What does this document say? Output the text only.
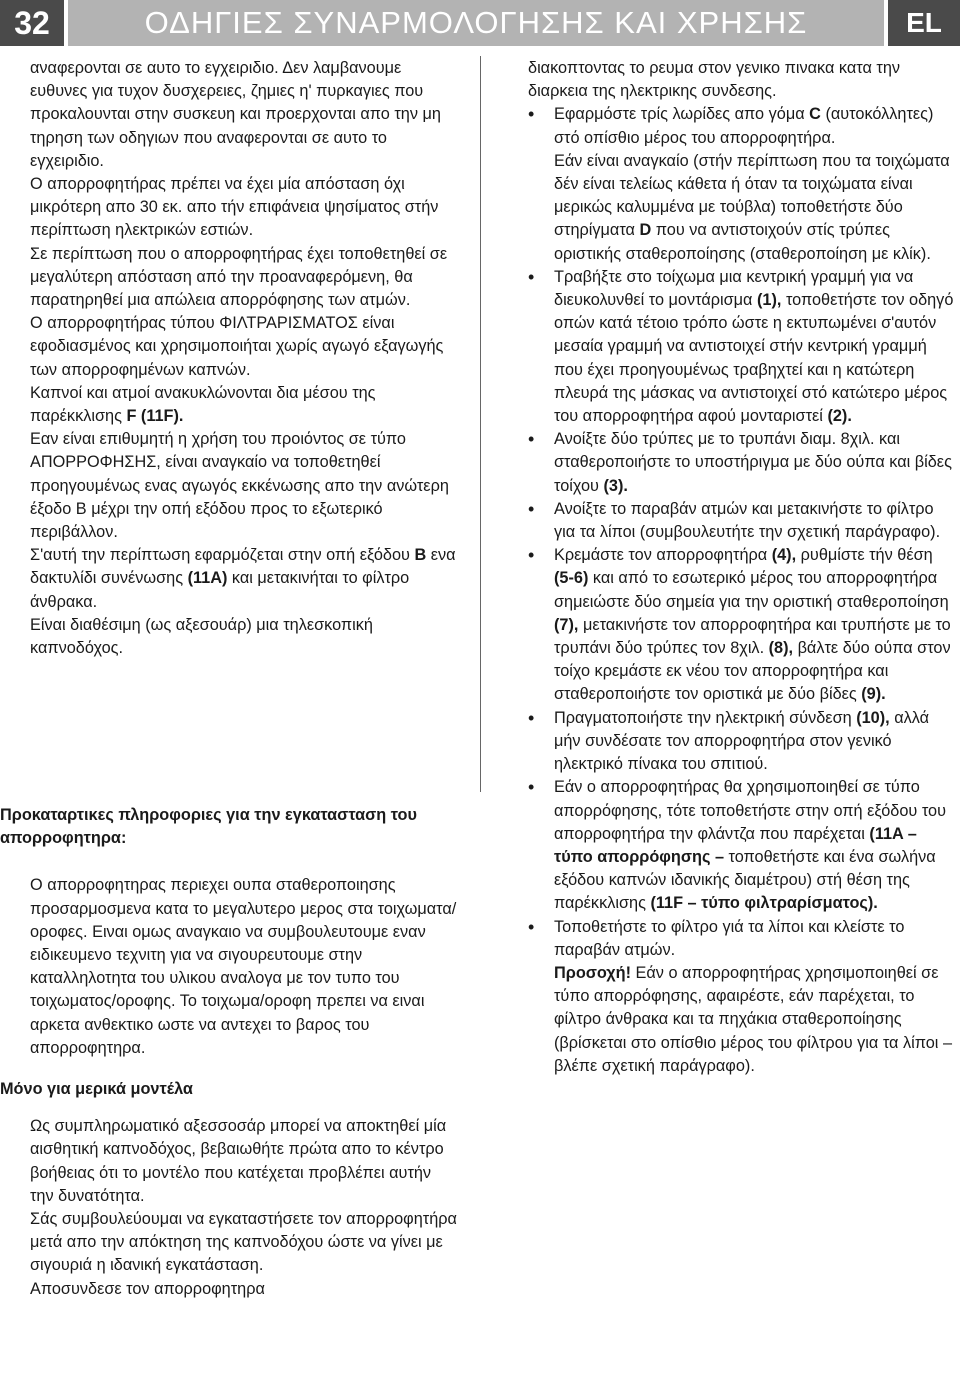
32	ΟΔΗΓΙΕΣ ΣΥΝΑΡΜΟΛΟΓΗΣΗΣ ΚΑΙ ΧΡΗΣΗΣ	EL

αναφερονται σε αυτο το εγχειριδιο. Δεν λαμβανουμε ευθυνες για τυχον δυσχερειες, ζημιες η' πυρκαγιες που προκαλουνται στην συσκευη και προερχονται απο την μη τηρηση των οδηγιων που αναφερονται σε αυτο το εγχειριδιο.

Ο απορροφητήρας πρέπει να έχει μία απόσταση όχι μικρότερη απο 30 εκ. απο τήν επιφάνεια ψησίματος στήν περίπτωση ηλεκτρικών εστιών.

Σε περίπτωση που ο απορροφητήρας έχει τοποθετηθεί σε μεγαλύτερη απόσταση από την προαναφερόμενη, θα παρατηρηθεί μια απώλεια απορρόφησης των ατμών.

Ο απορροφητήρας τύπου ΦΙΛΤΡΑΡΙΣΜΑΤΟΣ είναι εφοδιασμένος και χρησιμοποιήται χωρίς αγωγό εξαγωγής των απορροφημένων καπνών.

Καπνοί και ατμοί ανακυκλώνονται δια μέσου της παρέκκλισης F (11F).

Εαν είναι επιθυμητή η χρήση του προιόντος σε τύπο ΑΠΟΡΡΟΦΗΣΗΣ, είναι αναγκαίο να τοποθετηθεί προηγουμένως ενας αγωγός εκκένωσης απο την ανώτερη έξοδο Β μέχρι την οπή εξόδου προς το εξωτερικό περιβάλλον.

Σ'αυτή την περίπτωση εφαρμόζεται στην οπή εξόδου B ενα δακτυλίδι συνένωσης (11A) και μετακινήται το φίλτρο άνθρακα.

Είναι διαθέσιμη (ως αξεσουάρ) μια τηλεσκοπική καπνοδόχος.

Προκαταρτικες πληροφοριες για την εγκατασταση του απορροφητηρα:

Ο απορροφητηρας περιεχει ουπα σταθεροποιησης προσαρμοσμενα κατα το μεγαλυτερο μερος στα τοιχωματα/οροφες. Ειναι ομως αναγκαιο να συμβουλευτουμε εναν ειδικευμενο τεχνιτη για να σιγουρευτουμε στην καταλληλοτητα του υλικου αναλογα με τον τυπο του τοιχωματος/οροφης. Το τοιχωμα/οροφη πρεπει να ειναι αρκετα ανθεκτικο ωστε να αντεχει το βαρος του απορροφητηρα.

Μόνο για μερικά μοντέλα

Ως συμπληρωματικό αξεσσοσάρ μπορεί να αποκτηθεί μία αισθητική καπνοδόχος, βεβαιωθήτε πρώτα απο το κέντρο βοήθειας ότι το μοντέλο που κατέχεται προβλέπει αυτήν την δυνατότητα.

Σάς συμβουλεύουμαι να εγκαταστήσετε τον απορροφητήρα μετά απο την απόκτηση της καπνοδόχου ώστε να γίνει με σιγουριά η ιδανική εγκατάσταση.

Αποσυνδεσε τον απορροφητηρα

διακοπτοντας το ρευμα στον γενικο πινακα κατα την διαρκεια της ηλεκτρικης συνδεσης.

• Εφαρμόστε τρίς λωρίδες απο γόμα C (αυτοκόλλητες) στό οπίσθιο μέρος του απορροφητήρα.
Εάν είναι αναγκαίο (στήν περίπτωση που τα τοιχώματα δέν είναι τελείως κάθετα ή όταν τα τοιχώματα είναι μερικώς καλυμμένα με τούβλα) τοποθετήστε δύο στηρίγματα D που να αντιστοιχούν στίς τρύπες οριστικής σταθεροποίησης (σταθεροποίηση με κλίκ).
• Τραβήξτε στο τοίχωμα μια κεντρική γραμμή για να διευκολυνθεί το μοντάρισμα (1), τοποθετήστε τον οδηγό οπών κατά τέτοιο τρόπο ώστε η εκτυπωμένει σ'αυτόν μεσαία γραμμή να αντιστοιχεί στήν κεντρική γραμμή που έχει προηγουμένως τραβηχτεί και η κατώτερη πλευρά της μάσκας να αντιστοιχεί στό κατώτερο μέρος του απορροφητήρα αφού μονταριστεί (2).
• Ανοίξτε δύο τρύπες με το τρυπάνι διαμ. 8χιλ. και σταθεροποιήστε το υποστήριγμα με δύο ούπα και βίδες τοίχου (3).
• Ανοίξτε το παραβάν ατμών και μετακινήστε το φίλτρο για τα λίποι (συμβουλευτήτε την σχετική παράγραφο).
• Κρεμάστε τον απορροφητήρα (4), ρυθμίστε τήν θέση (5-6) και από το εσωτερικό μέρος του απορροφητήρα σημειώστε δύο σημεία για την οριστική σταθεροποίηση (7), μετακινήστε τον απορροφητήρα και τρυπήστε με το τρυπάνι δύο τρύπες τον 8χιλ. (8), βάλτε δύο ούπα στον τοίχο κρεμάστε εκ νέου τον απορροφητήρα και σταθεροποιήστε τον οριστικά με δύο βίδες (9).
• Πραγματοποιήστε την ηλεκτρική σύνδεση (10), αλλά μήν συνδέσατε τον απορροφητήρα στον γενικό ηλεκτρικό πίνακα του σπιτιού.
• Εάν ο απορροφητήρας θα χρησιμοποιηθεί σε τύπο απορρόφησης, τότε τοποθετήστε στην οπή εξόδου του απορροφητήρα την φλάντζα που παρέχεται (11A – τύπο απορρόφησης – τοποθετήστε και ένα σωλήνα εξόδου καπνών ιδανικής διαμέτρου) στή θέση της παρέκκλισης (11F – τύπο φιλτραρίσματος).
• Τοποθετήστε το φίλτρο γιά τα λίποι και κλείστε το παραβάν ατμών.
Προσοχή! Εάν ο απορροφητήρας χρησιμοποιηθεί σε τύπο απορρόφησης, αφαιρέστε, εάν παρέχεται, το φίλτρο άνθρακα και τα πηχάκια σταθεροποίησης (βρίσκεται στο οπίσθιο μέρος του φίλτρου για τα λίποι – βλέπε σχετική παράγραφο).
